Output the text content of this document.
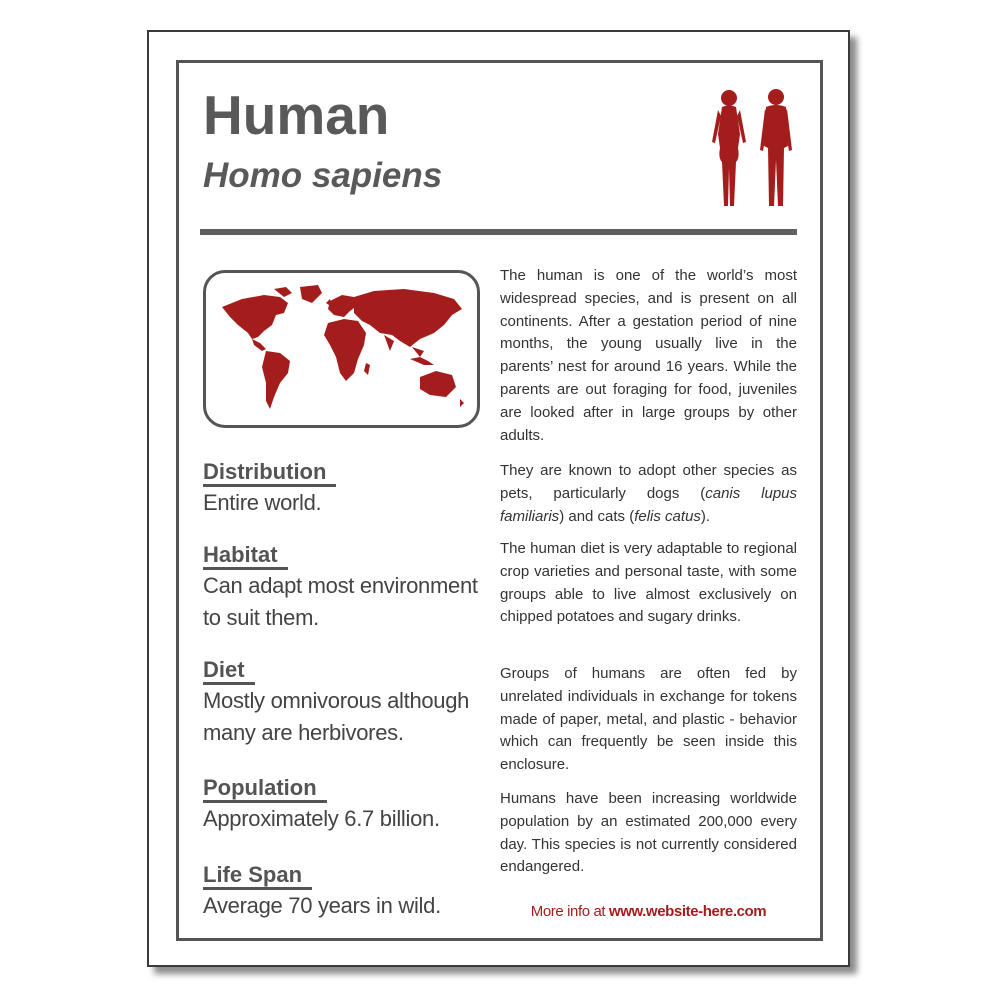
Human
Homo sapiens
Distribution
Entire world.
Habitat
Can adapt most environment to suit them.
Diet
Mostly omnivorous although many are herbivores.
Population
Approximately 6.7 billion.
Life Span
Average 70 years in wild.

The human is one of the world’s most widespread species, and is present on all continents. After a gestation period of nine months, the young usually live in the parents’ nest for around 16 years. While the parents are out foraging for food, juveniles are looked after in large groups by other adults.

They are known to adopt other species as pets, particularly dogs (canis lupus familiaris) and cats (felis catus).

The human diet is very adaptable to regional crop varieties and personal taste, with some groups able to live almost exclusively on chipped potatoes and sugary drinks.

Groups of humans are often fed by unrelated individuals in exchange for tokens made of paper, metal, and plastic - behavior which can frequently be seen inside this enclosure.

Humans have been increasing worldwide population by an estimated 200,000 every day. This species is not currently considered endangered.

More info at www.website-here.com
